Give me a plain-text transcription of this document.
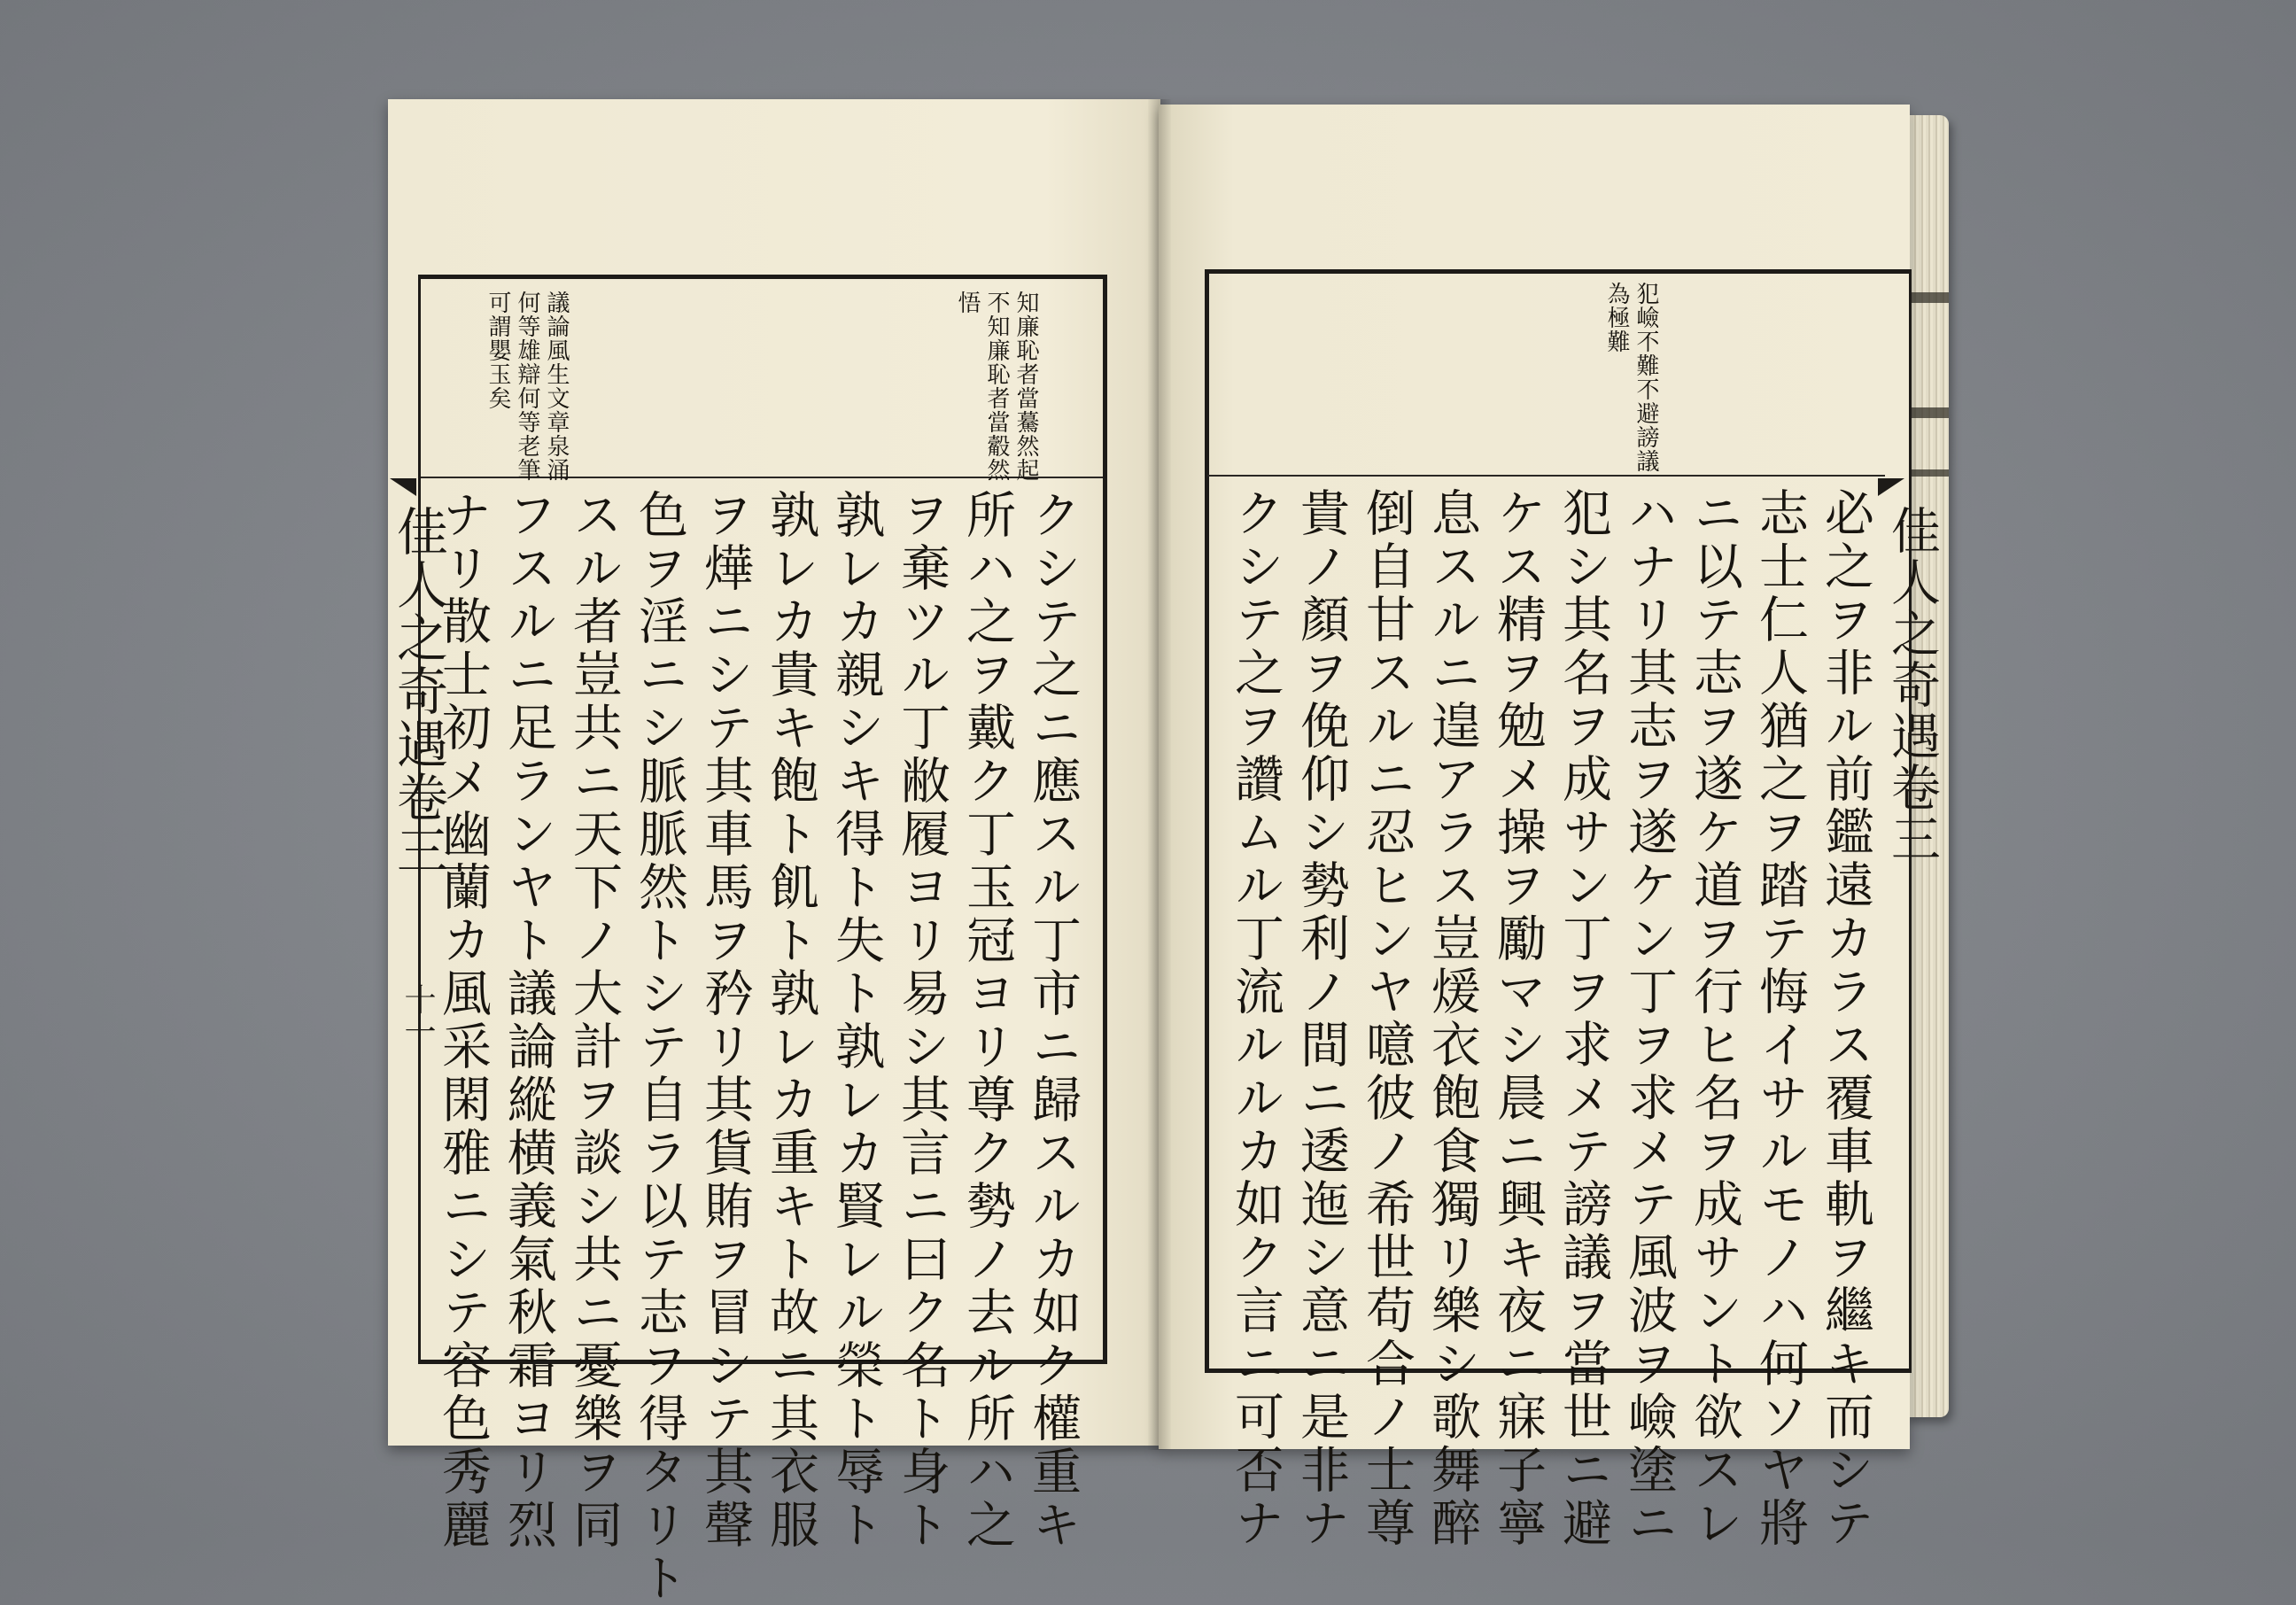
知廉恥者當驀然起
不知廉恥者當觳然
悟
議論風生文章泉涌
何等雄辯何等老筆
可謂嬰玉矣
クシテ之ニ應スル丁市ニ歸スルカ如ク權重キ
所ハ之ヲ戴ク丁玉冠ヨリ尊ク勢ノ去ル所ハ之
ヲ棄ツル丁敝履ヨリ易シ其言ニ曰ク名ト身ト
孰レカ親シキ得ト失ト孰レカ賢レル榮ト辱ト
孰レカ貴キ飽ト飢ト孰レカ重キト故ニ其衣服
ヲ燁ニシテ其車馬ヲ矜リ其貨賄ヲ冒シテ其聲
色ヲ淫ニシ脈脈然トシテ自ラ以テ志ヲ得タリト
スル者豈共ニ天下ノ大計ヲ談シ共ニ憂樂ヲ同
フスルニ足ランヤト議論縱横義氣秋霜ヨリ烈
ナリ散士初メ幽蘭カ風采閑雅ニシテ容色秀麗
佳人之奇遇卷三
十一
犯嶮不難不避謗議
為極難
必之ヲ非ル前鑑遠カラス覆車軌ヲ繼キ而シテ
志士仁人猶之ヲ踏テ悔イサルモノハ何ソヤ將
ニ以テ志ヲ遂ケ道ヲ行ヒ名ヲ成サント欲スレ
ハナリ其志ヲ遂ケン丁ヲ求メテ風波ヲ嶮塗ニ
犯シ其名ヲ成サン丁ヲ求メテ謗議ヲ當世ニ避
ケス精ヲ勉メ操ヲ勵マシ晨ニ興キ夜ニ寐子寧
息スルニ遑アラス豈煖衣飽食獨リ樂シ歌舞醉
倒自甘スルニ忍ヒンヤ噫彼ノ希世苟合ノ士尊
貴ノ顏ヲ俛仰シ勢利ノ間ニ逶迤シ意ニ是非ナ
クシテ之ヲ讚ムル丁流ルルカ如ク言ニ可否ナ	佳人之奇遇卷三
